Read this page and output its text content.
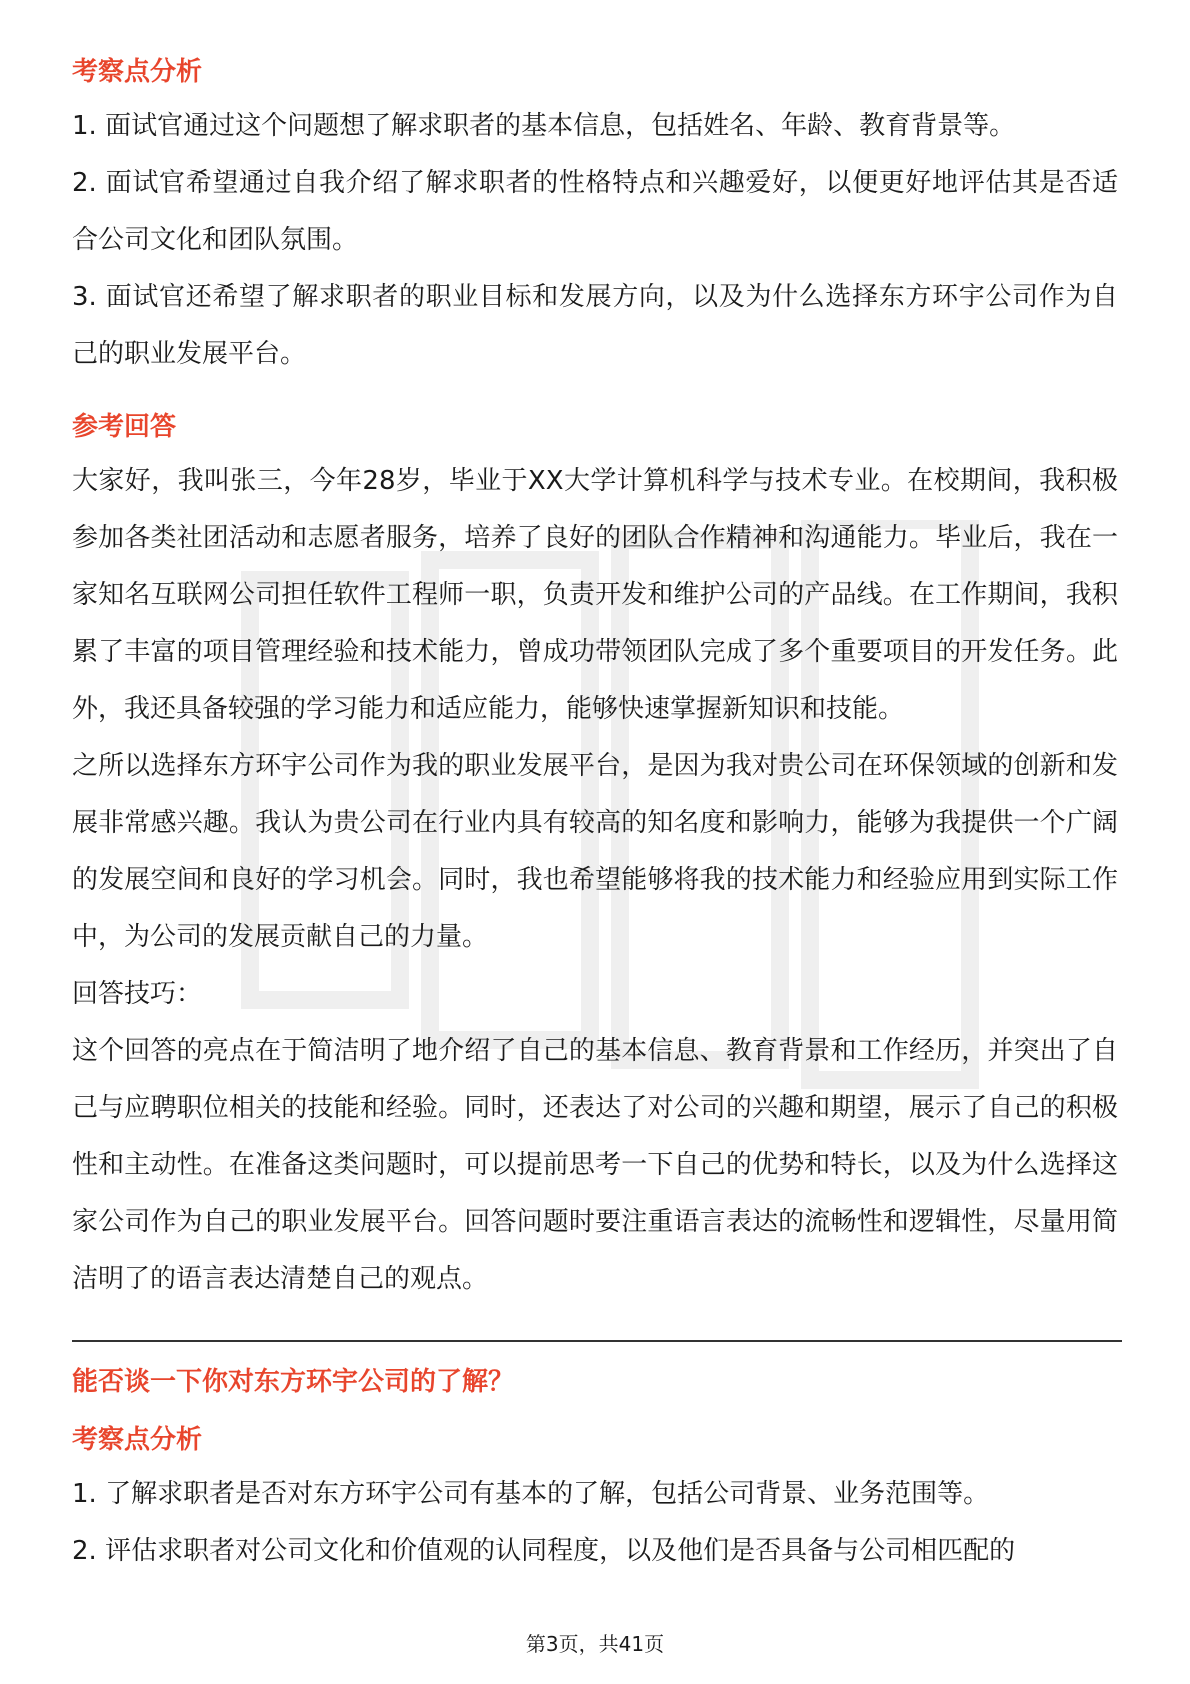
考察点分析

1. 面试官通过这个问题想了解求职者的基本信息，包括姓名、年龄、教育背景等。

2. 面试官希望通过自我介绍了解求职者的性格特点和兴趣爱好，以便更好地评估其是否适合公司文化和团队氛围。

3. 面试官还希望了解求职者的职业目标和发展方向，以及为什么选择东方环宇公司作为自己的职业发展平台。

参考回答

大家好，我叫张三，今年28岁，毕业于XX大学计算机科学与技术专业。在校期间，我积极参加各类社团活动和志愿者服务，培养了良好的团队合作精神和沟通能力。毕业后，我在一家知名互联网公司担任软件工程师一职，负责开发和维护公司的产品线。在工作期间，我积累了丰富的项目管理经验和技术能力，曾成功带领团队完成了多个重要项目的开发任务。此外，我还具备较强的学习能力和适应能力，能够快速掌握新知识和技能。

之所以选择东方环宇公司作为我的职业发展平台，是因为我对贵公司在环保领域的创新和发展非常感兴趣。我认为贵公司在行业内具有较高的知名度和影响力，能够为我提供一个广阔的发展空间和良好的学习机会。同时，我也希望能够将我的技术能力和经验应用到实际工作中，为公司的发展贡献自己的力量。

回答技巧：

这个回答的亮点在于简洁明了地介绍了自己的基本信息、教育背景和工作经历，并突出了自己与应聘职位相关的技能和经验。同时，还表达了对公司的兴趣和期望，展示了自己的积极性和主动性。在准备这类问题时，可以提前思考一下自己的优势和特长，以及为什么选择这家公司作为自己的职业发展平台。回答问题时要注重语言表达的流畅性和逻辑性，尽量用简洁明了的语言表达清楚自己的观点。

能否谈一下你对东方环宇公司的了解？
考察点分析

1. 了解求职者是否对东方环宇公司有基本的了解，包括公司背景、业务范围等。

2. 评估求职者对公司文化和价值观的认同程度，以及他们是否具备与公司相匹配的

第3页，共41页
